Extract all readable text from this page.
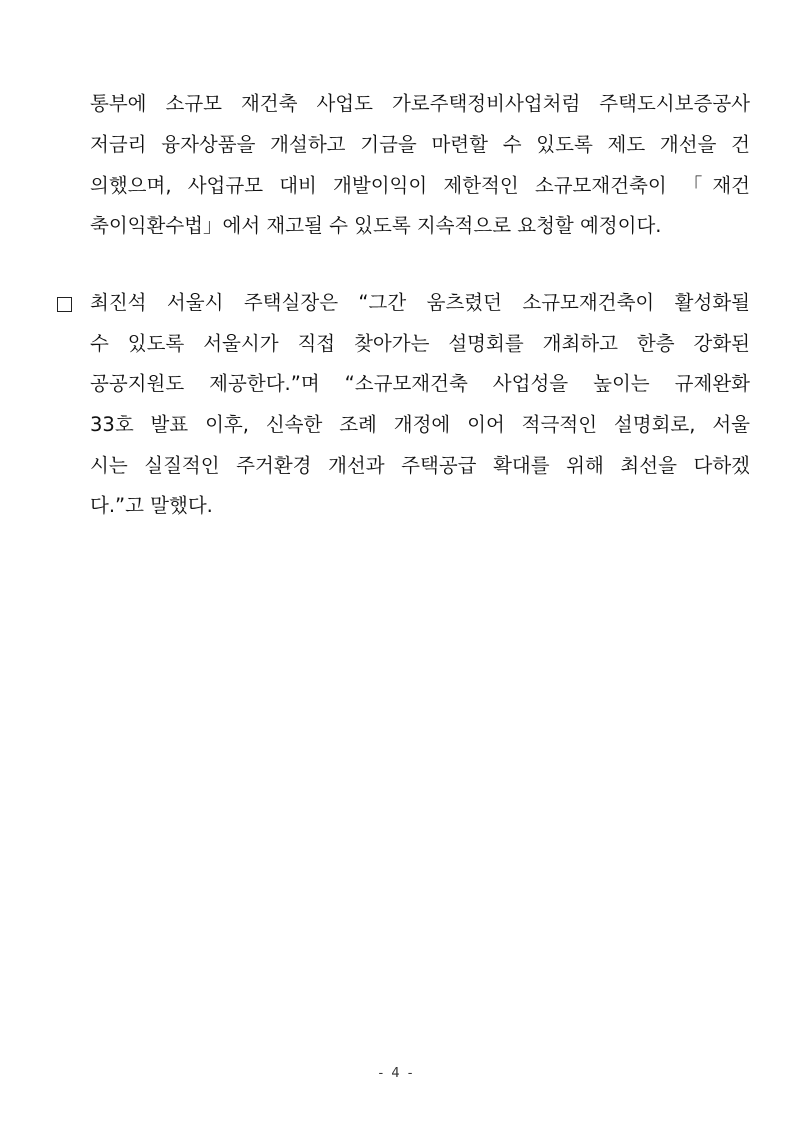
통부에 소규모 재건축 사업도 가로주택정비사업처럼 주택도시보증공사
저금리 융자상품을 개설하고 기금을 마련할 수 있도록 제도 개선을 건
의했으며, 사업규모 대비 개발이익이 제한적인 소규모재건축이 「재건
축이익환수법」에서 재고될 수 있도록 지속적으로 요청할 예정이다.
최진석 서울시 주택실장은 “그간 움츠렸던 소규모재건축이 활성화될
수 있도록 서울시가 직접 찾아가는 설명회를 개최하고 한층 강화된
공공지원도 제공한다.”며 “소규모재건축 사업성을 높이는 규제완화
33호 발표 이후, 신속한 조례 개정에 이어 적극적인 설명회로, 서울
시는 실질적인 주거환경 개선과 주택공급 확대를 위해 최선을 다하겠
다.”고 말했다.
- 4 -
